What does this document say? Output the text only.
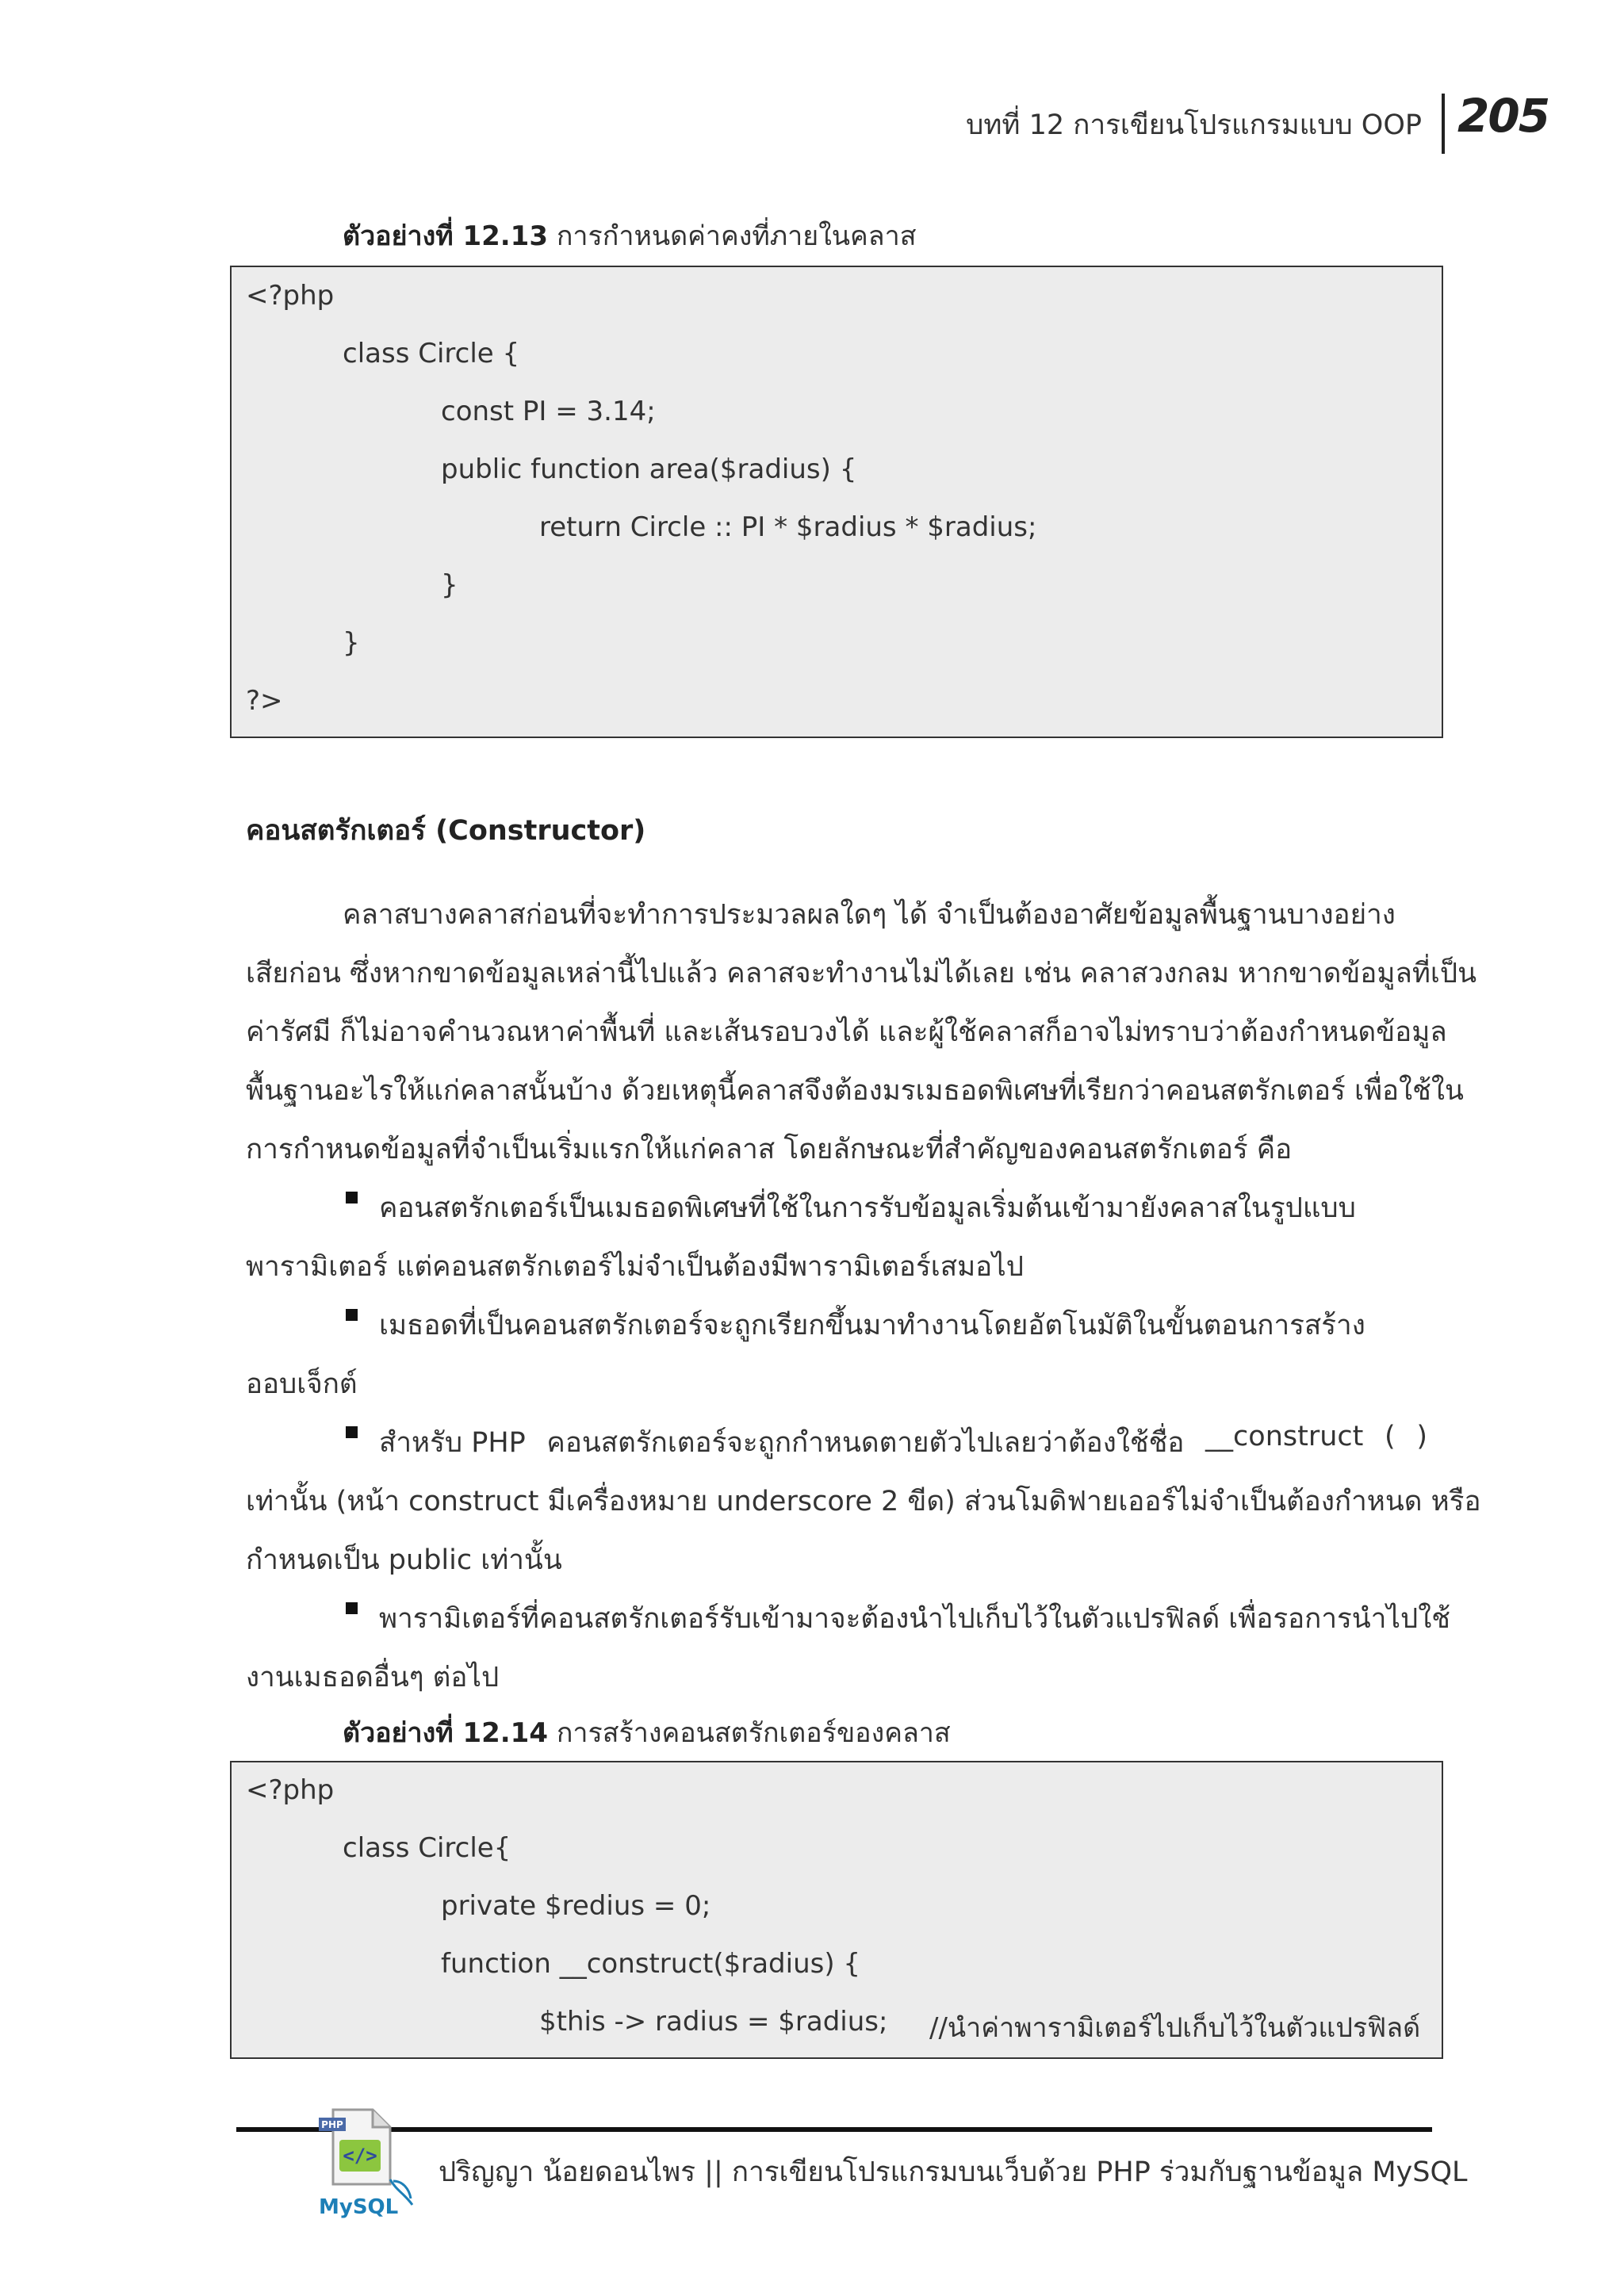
บทที่ 12 การเขียนโปรแกรมแบบ OOP 205
ตัวอย่างที่ 12.13 การกำหนดค่าคงที่ภายในคลาส
<?php
class Circle {
const PI = 3.14;
public function area($radius) {
return Circle :: PI * $radius * $radius;
}
}
?>
คอนสตรักเตอร์ (Constructor)
คลาสบางคลาสก่อนที่จะทำการประมวลผลใดๆ ได้ จำเป็นต้องอาศัยข้อมูลพื้นฐานบางอย่าง
เสียก่อน ซึ่งหากขาดข้อมูลเหล่านี้ไปแล้ว คลาสจะทำงานไม่ได้เลย เช่น คลาสวงกลม หากขาดข้อมูลที่เป็น
ค่ารัศมี ก็ไม่อาจคำนวณหาค่าพื้นที่ และเส้นรอบวงได้ และผู้ใช้คลาสก็อาจไม่ทราบว่าต้องกำหนดข้อมูล
พื้นฐานอะไรให้แก่คลาสนั้นบ้าง ด้วยเหตุนี้คลาสจึงต้องมรเมธอดพิเศษที่เรียกว่าคอนสตรักเตอร์ เพื่อใช้ใน
การกำหนดข้อมูลที่จำเป็นเริ่มแรกให้แก่คลาส โดยลักษณะที่สำคัญของคอนสตรักเตอร์ คือ
คอนสตรักเตอร์เป็นเมธอดพิเศษที่ใช้ในการรับข้อมูลเริ่มต้นเข้ามายังคลาสในรูปแบบ
พารามิเตอร์ แต่คอนสตรักเตอร์ไม่จำเป็นต้องมีพารามิเตอร์เสมอไป
เมธอดที่เป็นคอนสตรักเตอร์จะถูกเรียกขึ้นมาทำงานโดยอัตโนมัติในขั้นตอนการสร้าง
ออบเจ็กต์
สำหรับ PHP คอนสตรักเตอร์จะถูกกำหนดตายตัวไปเลยว่าต้องใช้ชื่อ __construct ( )
เท่านั้น (หน้า construct มีเครื่องหมาย underscore 2 ขีด) ส่วนโมดิฟายเออร์ไม่จำเป็นต้องกำหนด หรือ
กำหนดเป็น public เท่านั้น
พารามิเตอร์ที่คอนสตรักเตอร์รับเข้ามาจะต้องนำไปเก็บไว้ในตัวแปรฟิลด์ เพื่อรอการนำไปใช้
งานเมธอดอื่นๆ ต่อไป
ตัวอย่างที่ 12.14 การสร้างคอนสตรักเตอร์ของคลาส
<?php
class Circle{
private $redius = 0;
function __construct($radius) {
$this -> radius = $radius; //นำค่าพารามิเตอร์ไปเก็บไว้ในตัวแปรฟิลด์
PHP
</>
MySQL
ปริญญา น้อยดอนไพร || การเขียนโปรแกรมบนเว็บด้วย PHP ร่วมกับฐานข้อมูล MySQL
